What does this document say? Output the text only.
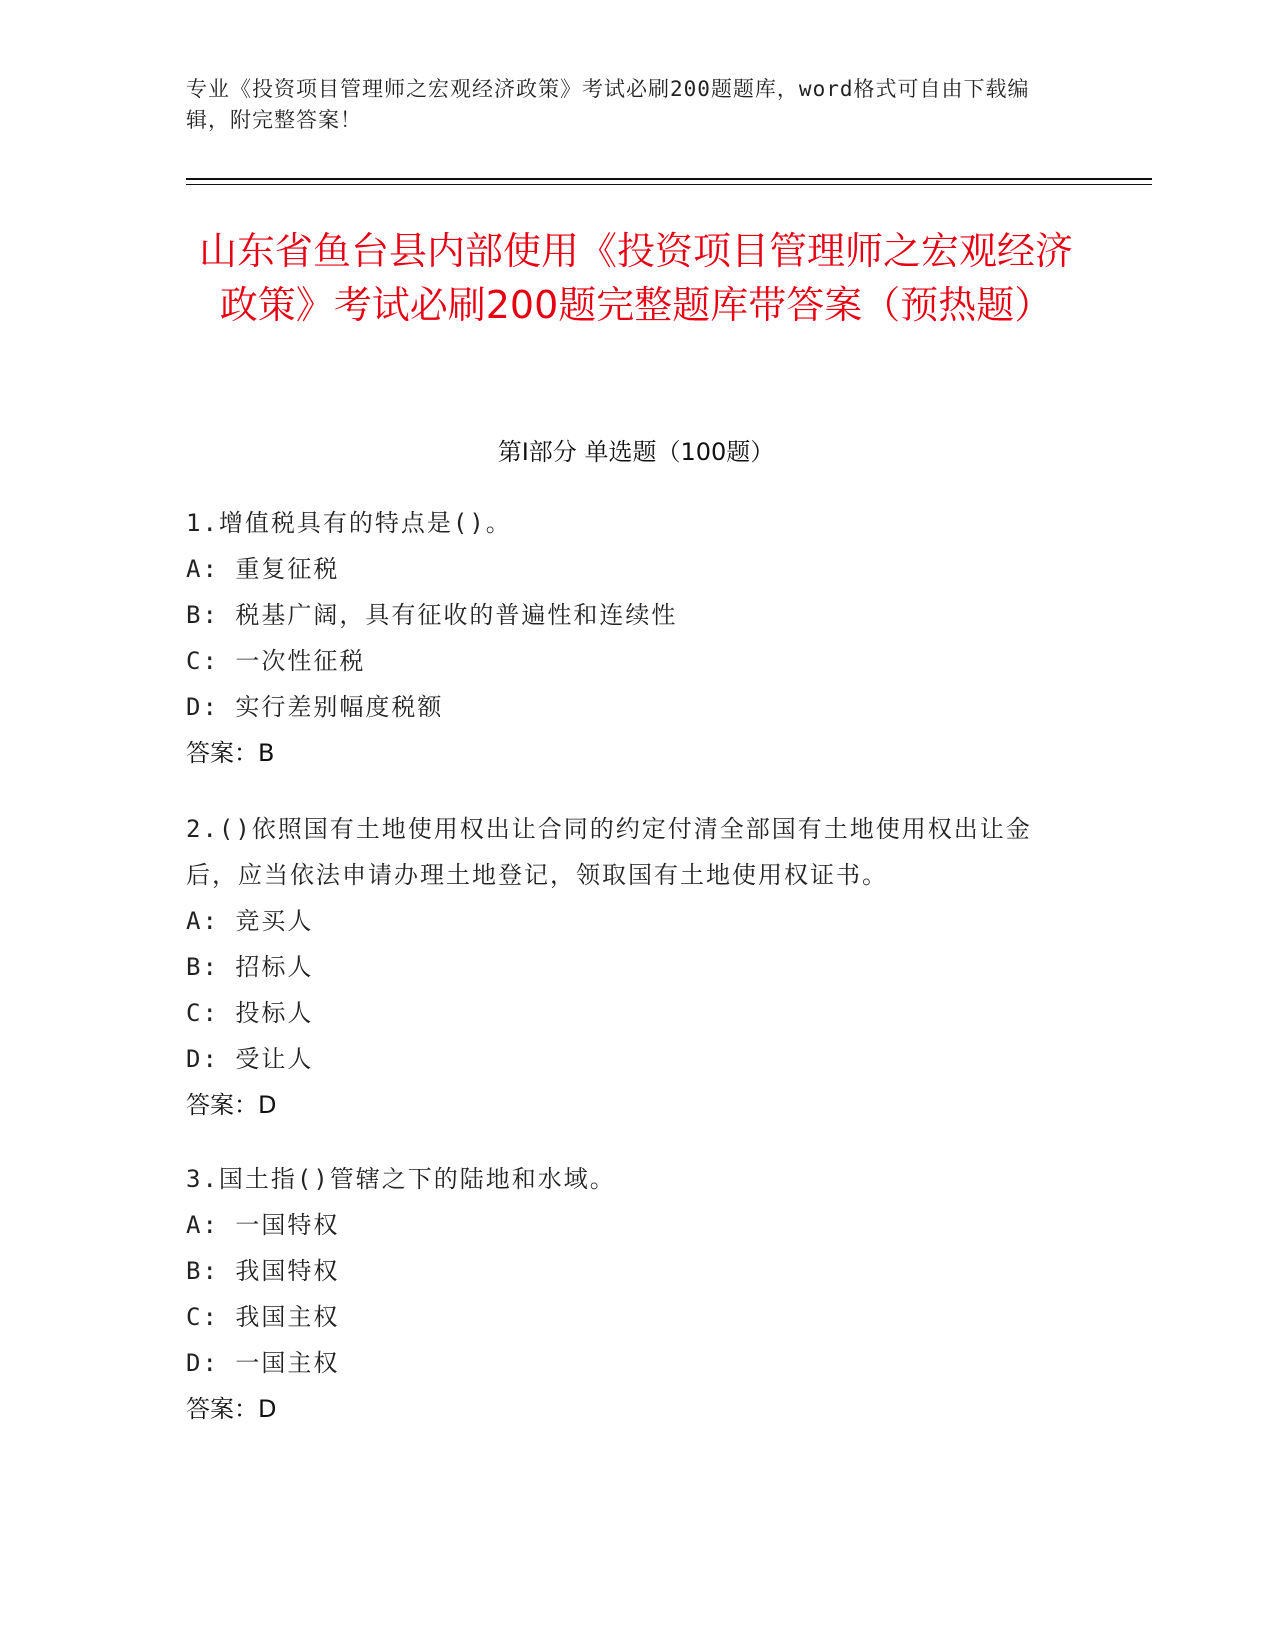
专业《投资项目管理师之宏观经济政策》考试必刷200题题库，word格式可自由下载编辑，附完整答案！
山东省鱼台县内部使用《投资项目管理师之宏观经济政策》考试必刷200题完整题库带答案（预热题）
第Ⅰ部分 单选题（100题）

1.增值税具有的特点是()。

A: 重复征税

B: 税基广阔，具有征收的普遍性和连续性

C: 一次性征税

D: 实行差别幅度税额

答案：B

2.()依照国有土地使用权出让合同的约定付清全部国有土地使用权出让金后，应当依法申请办理土地登记，领取国有土地使用权证书。

A: 竞买人

B: 招标人

C: 投标人

D: 受让人

答案：D

3.国土指()管辖之下的陆地和水域。

A: 一国特权

B: 我国特权

C: 我国主权

D: 一国主权

答案：D
